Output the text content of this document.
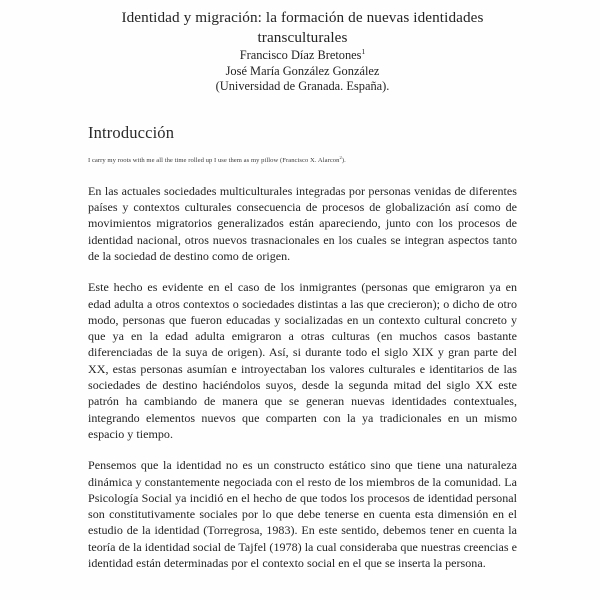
Identidad y migración: la formación de nuevas identidades transculturales
Francisco Díaz Bretones$^1$
José María González González
(Universidad de Granada. España).
Introducción
I carry my roots with me all the time rolled up I use them as my pillow (Francisco X. Alarcon$^2$).

En las actuales sociedades multiculturales integradas por personas venidas de diferentes países y contextos culturales consecuencia de procesos de globalización así como de movimientos migratorios generalizados están apareciendo, junto con los procesos de identidad nacional, otros nuevos trasnacionales en los cuales se integran aspectos tanto de la sociedad de destino como de origen.

Este hecho es evidente en el caso de los inmigrantes (personas que emigraron ya en edad adulta a otros contextos o sociedades distintas a las que crecieron); o dicho de otro modo, personas que fueron educadas y socializadas en un contexto cultural concreto y que ya en la edad adulta emigraron a otras culturas (en muchos casos bastante diferenciadas de la suya de origen). Así, si durante todo el siglo XIX y gran parte del XX, estas personas asumían e introyectaban los valores culturales e identitarios de las sociedades de destino haciéndolos suyos, desde la segunda mitad del siglo XX este patrón ha cambiando de manera que se generan nuevas identidades contextuales, integrando elementos nuevos que comparten con la ya tradicionales en un mismo espacio y tiempo.

Pensemos que la identidad no es un constructo estático sino que tiene una naturaleza dinámica y constantemente negociada con el resto de los miembros de la comunidad. La Psicología Social ya incidió en el hecho de que todos los procesos de identidad personal son constitutivamente sociales por lo que debe tenerse en cuenta esta dimensión en el estudio de la identidad (Torregrosa, 1983). En este sentido, debemos tener en cuenta la teoría de la identidad social de Tajfel (1978) la cual consideraba que nuestras creencias e identidad están determinadas por el contexto social en el que se inserta la persona.
